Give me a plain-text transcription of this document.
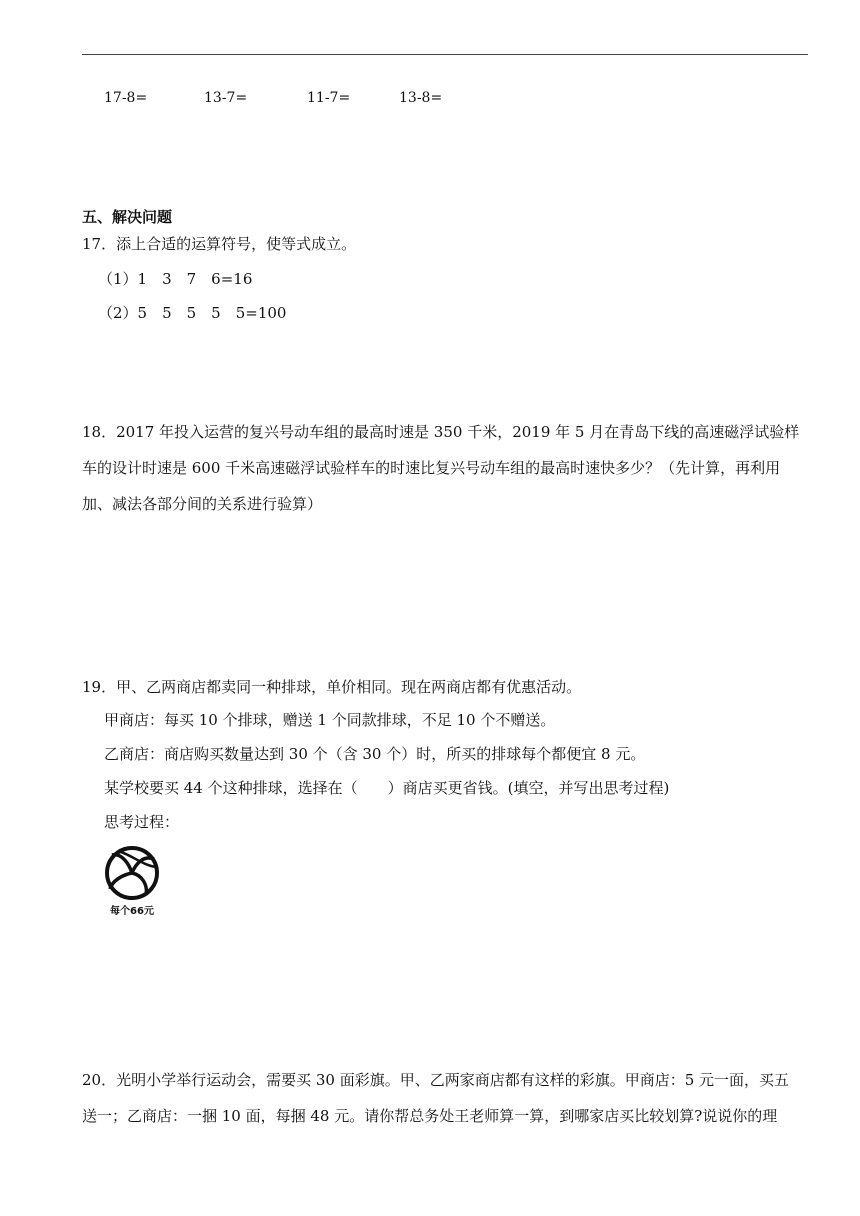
17-8=	13-7=	11-7=	13-8=
五、解决问题
17．添上合适的运算符号，使等式成立。
（1）1　3　7　6=16
（2）5　5　5　5　5=100
18．2017 年投入运营的复兴号动车组的最高时速是 350 千米，2019 年 5 月在青岛下线的高速磁浮试验样
车的设计时速是 600 千米高速磁浮试验样车的时速比复兴号动车组的最高时速快多少？（先计算，再利用
加、减法各部分间的关系进行验算）
19．甲、乙两商店都卖同一种排球，单价相同。现在两商店都有优惠活动。
甲商店：每买 10 个排球，赠送 1 个同款排球，不足 10 个不赠送。
乙商店：商店购买数量达到 30 个（含 30 个）时，所买的排球每个都便宜 8 元。
某学校要买 44 个这种排球，选择在（　　）商店买更省钱。(填空，并写出思考过程)
思考过程：
每个66元
20．光明小学举行运动会，需要买 30 面彩旗。甲、乙两家商店都有这样的彩旗。甲商店：5 元一面，买五
送一；乙商店：一捆 10 面，每捆 48 元。请你帮总务处王老师算一算，到哪家店买比较划算?说说你的理
